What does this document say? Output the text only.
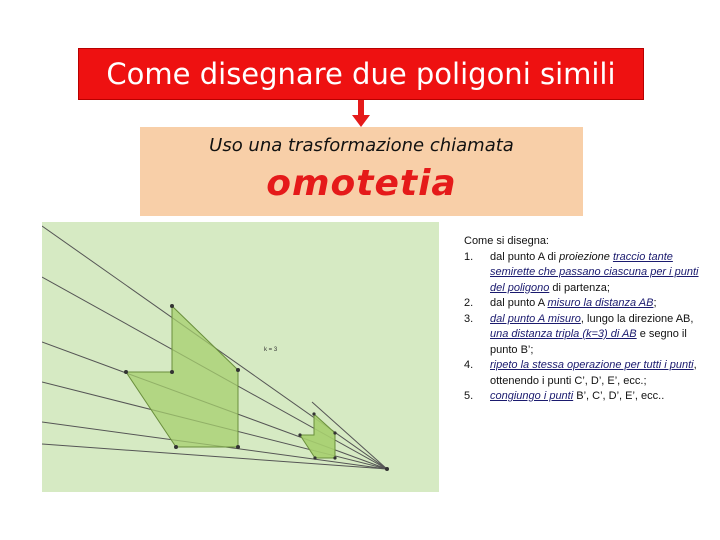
Come disegnare due poligoni simili
Uso una trasformazione chiamata
omotetia
k = 3
Come si disegna:
1.	dal punto A di proiezione traccio tante semirette che passano ciascuna per i punti del poligono di partenza;
2.	dal punto A misuro la distanza AB;
3.	dal punto A misuro, lungo la direzione AB, una distanza tripla (k=3) di AB e segno il punto B’;
4.	ripeto la stessa operazione per tutti i punti, ottenendo i punti C’, D’, E’, ecc.;
5.	congiungo i punti B’, C’, D’, E’, ecc..
